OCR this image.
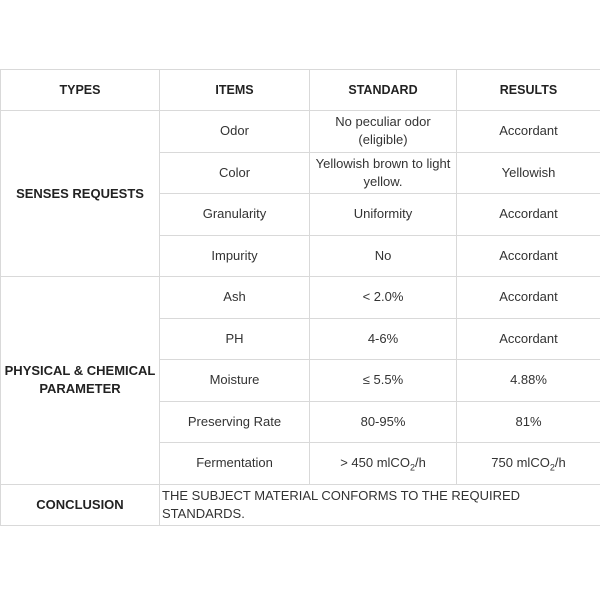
TYPES	ITEMS	STANDARD	RESULTS
SENSES REQUESTS	Odor	No peculiar odor (eligible)	Accordant
	Color	Yellowish brown to light yellow.	Yellowish
	Granularity	Uniformity	Accordant
	Impurity	No	Accordant
PHYSICAL & CHEMICAL PARAMETER	Ash	< 2.0%	Accordant
	PH	4-6%	Accordant
	Moisture	≤ 5.5%	4.88%
	Preserving Rate	80-95%	81%
	Fermentation	> 450 mlCO$_2$/h	750 mlCO$_2$/h
CONCLUSION	THE SUBJECT MATERIAL CONFORMS TO THE REQUIRED STANDARDS.		
